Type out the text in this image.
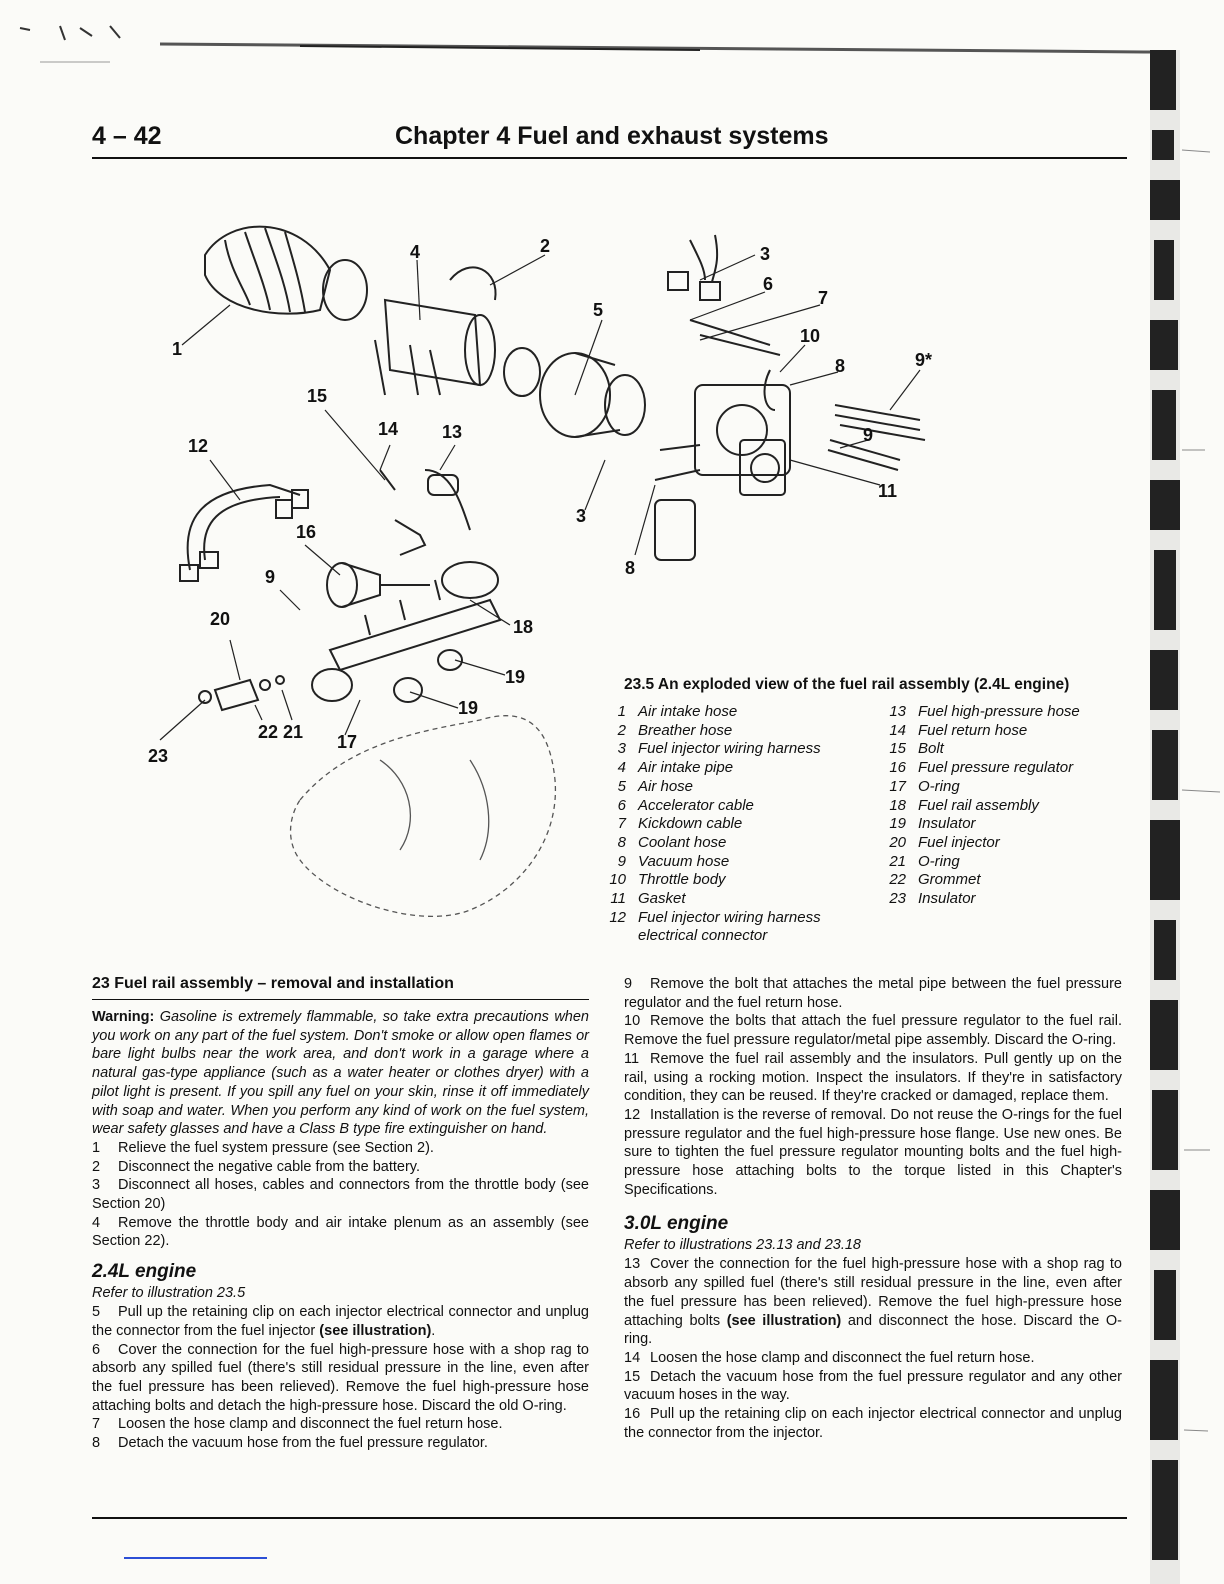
4 – 42	Chapter 4 Fuel and exhaust systems
1
2
3
4
5
6
7
10
8	9*
15
14 13
12
3
11
16
9	8
9
20	18
19
19
22 21 17
23
23.5 An exploded view of the fuel rail assembly (2.4L engine)
1 Air intake hose
2 Breather hose
3 Fuel injector wiring harness
4 Air intake pipe
5 Air hose
6 Accelerator cable
7 Kickdown cable
8 Coolant hose
9 Vacuum hose
10 Throttle body
11 Gasket
12 Fuel injector wiring harness electrical connector
13 Fuel high-pressure hose
14 Fuel return hose
15 Bolt
16 Fuel pressure regulator
17 O-ring
18 Fuel rail assembly
19 Insulator
20 Fuel injector
21 O-ring
22 Grommet
23 Insulator
23 Fuel rail assembly – removal and installation

Warning: Gasoline is extremely flammable, so take extra precautions when you work on any part of the fuel system. Don't smoke or allow open flames or bare light bulbs near the work area, and don't work in a garage where a natural gas-type appliance (such as a water heater or clothes dryer) with a pilot light is present. If you spill any fuel on your skin, rinse it off immediately with soap and water. When you perform any kind of work on the fuel system, wear safety glasses and have a Class B type fire extinguisher on hand.

1 Relieve the fuel system pressure (see Section 2).

2 Disconnect the negative cable from the battery.

3 Disconnect all hoses, cables and connectors from the throttle body (see Section 20)

4 Remove the throttle body and air intake plenum as an assembly (see Section 22).

2.4L engine
Refer to illustration 23.5

5 Pull up the retaining clip on each injector electrical connector and unplug the connector from the fuel injector (see illustration).

6 Cover the connection for the fuel high-pressure hose with a shop rag to absorb any spilled fuel (there's still residual pressure in the line, even after the fuel pressure has been relieved). Remove the fuel high-pressure hose attaching bolts and detach the high-pressure hose. Discard the old O-ring.

7 Loosen the hose clamp and disconnect the fuel return hose.

8 Detach the vacuum hose from the fuel pressure regulator.

9 Remove the bolt that attaches the metal pipe between the fuel pressure regulator and the fuel return hose.

10 Remove the bolts that attach the fuel pressure regulator to the fuel rail. Remove the fuel pressure regulator/metal pipe assembly. Discard the O-ring.

11 Remove the fuel rail assembly and the insulators. Pull gently up on the rail, using a rocking motion. Inspect the insulators. If they're in satisfactory condition, they can be reused. If they're cracked or damaged, replace them.

12 Installation is the reverse of removal. Do not reuse the O-rings for the fuel pressure regulator and the fuel high-pressure hose flange. Use new ones. Be sure to tighten the fuel pressure regulator mounting bolts and the fuel high-pressure hose attaching bolts to the torque listed in this Chapter's Specifications.

3.0L engine
Refer to illustrations 23.13 and 23.18

13 Cover the connection for the fuel high-pressure hose with a shop rag to absorb any spilled fuel (there's still residual pressure in the line, even after the fuel pressure has been relieved). Remove the fuel high-pressure hose attaching bolts (see illustration) and disconnect the hose. Discard the O-ring.

14 Loosen the hose clamp and disconnect the fuel return hose.

15 Detach the vacuum hose from the fuel pressure regulator and any other vacuum hoses in the way.

16 Pull up the retaining clip on each injector electrical connector and unplug the connector from the injector.
